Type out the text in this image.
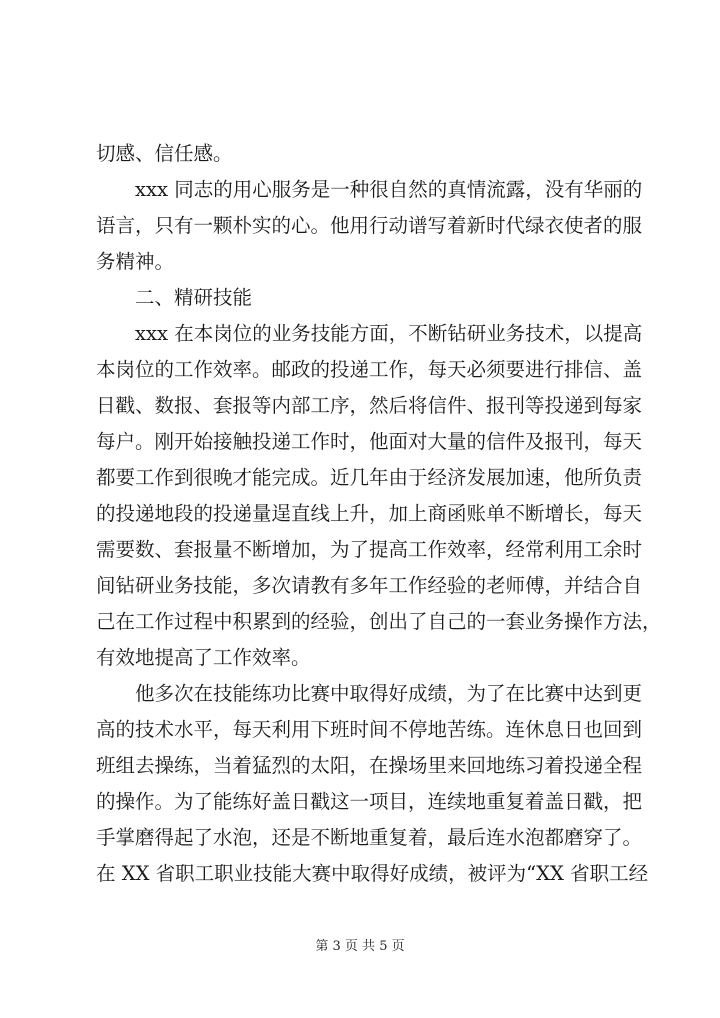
切感、信任感。
xxx 同志的用心服务是一种很自然的真情流露，没有华丽的
语言，只有一颗朴实的心。他用行动谱写着新时代绿衣使者的服
务精神。
二、精研技能
xxx 在本岗位的业务技能方面，不断钻研业务技术，以提高
本岗位的工作效率。邮政的投递工作，每天必须要进行排信、盖
日戳、数报、套报等内部工序，然后将信件、报刊等投递到每家
每户。刚开始接触投递工作时，他面对大量的信件及报刊，每天
都要工作到很晚才能完成。近几年由于经济发展加速，他所负责
的投递地段的投递量逞直线上升，加上商函账单不断增长，每天
需要数、套报量不断增加，为了提高工作效率，经常利用工余时
间钻研业务技能，多次请教有多年工作经验的老师傅，并结合自
己在工作过程中积累到的经验，创出了自己的一套业务操作方法，
有效地提高了工作效率。
他多次在技能练功比赛中取得好成绩，为了在比赛中达到更
高的技术水平，每天利用下班时间不停地苦练。连休息日也回到
班组去操练，当着猛烈的太阳，在操场里来回地练习着投递全程
的操作。为了能练好盖日戳这一项目，连续地重复着盖日戳，把
手掌磨得起了水泡，还是不断地重复着，最后连水泡都磨穿了。
在 XX 省职工职业技能大赛中取得好成绩，被评为“XX 省职工经
第 3 页 共 5 页
